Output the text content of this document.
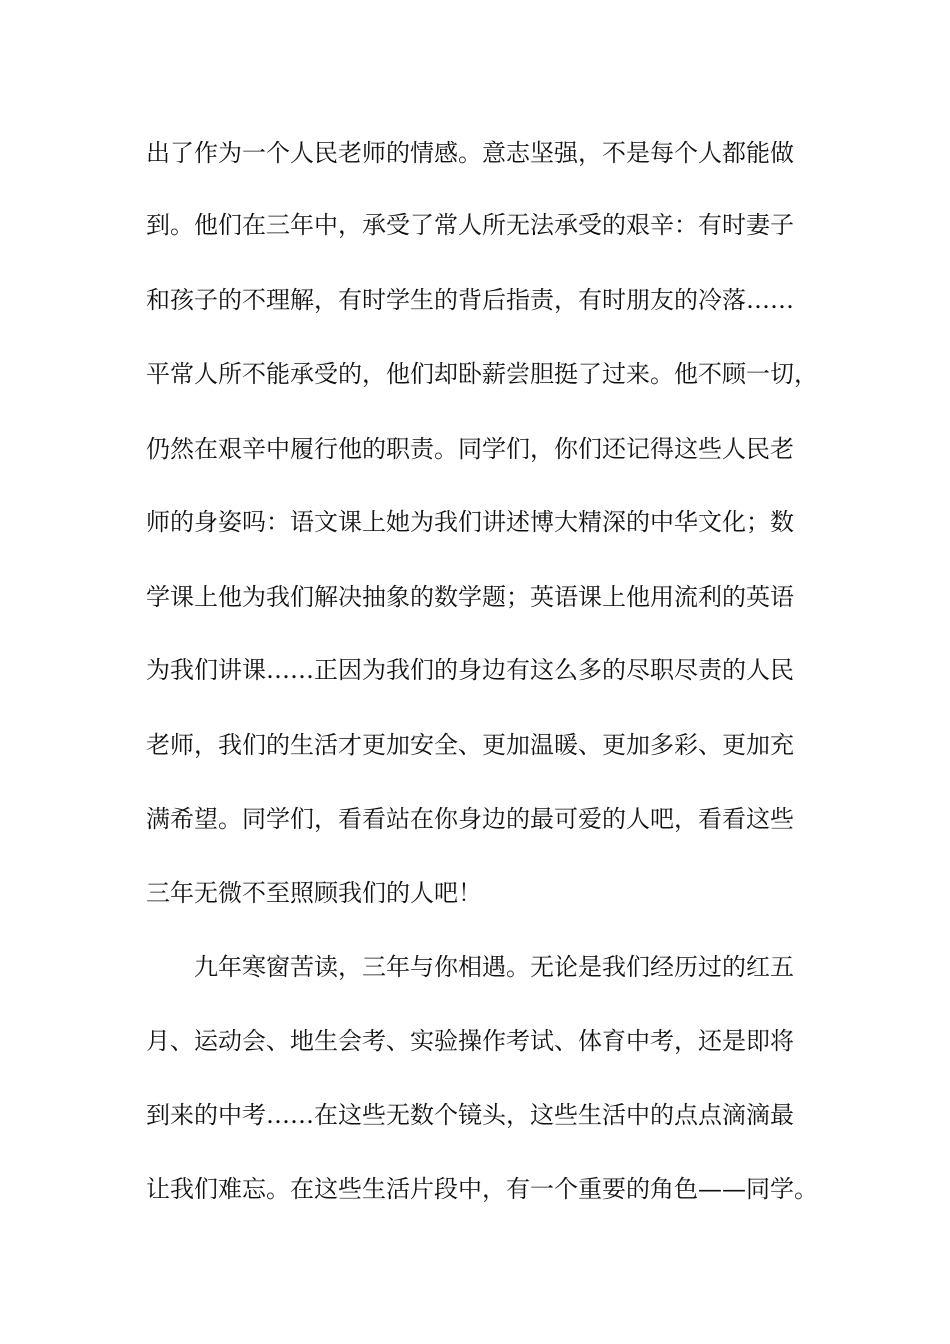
出了作为一个人民老师的情感。意志坚强，不是每个人都能做
到。他们在三年中，承受了常人所无法承受的艰辛：有时妻子
和孩子的不理解，有时学生的背后指责，有时朋友的冷落……
平常人所不能承受的，他们却卧薪尝胆挺了过来。他不顾一切，
仍然在艰辛中履行他的职责。同学们，你们还记得这些人民老
师的身姿吗：语文课上她为我们讲述博大精深的中华文化；数
学课上他为我们解决抽象的数学题；英语课上他用流利的英语
为我们讲课……正因为我们的身边有这么多的尽职尽责的人民
老师，我们的生活才更加安全、更加温暖、更加多彩、更加充
满希望。同学们，看看站在你身边的最可爱的人吧，看看这些
三年无微不至照顾我们的人吧！
九年寒窗苦读，三年与你相遇。无论是我们经历过的红五
月、运动会、地生会考、实验操作考试、体育中考，还是即将
到来的中考……在这些无数个镜头，这些生活中的点点滴滴最
让我们难忘。在这些生活片段中，有一个重要的角色——同学。
